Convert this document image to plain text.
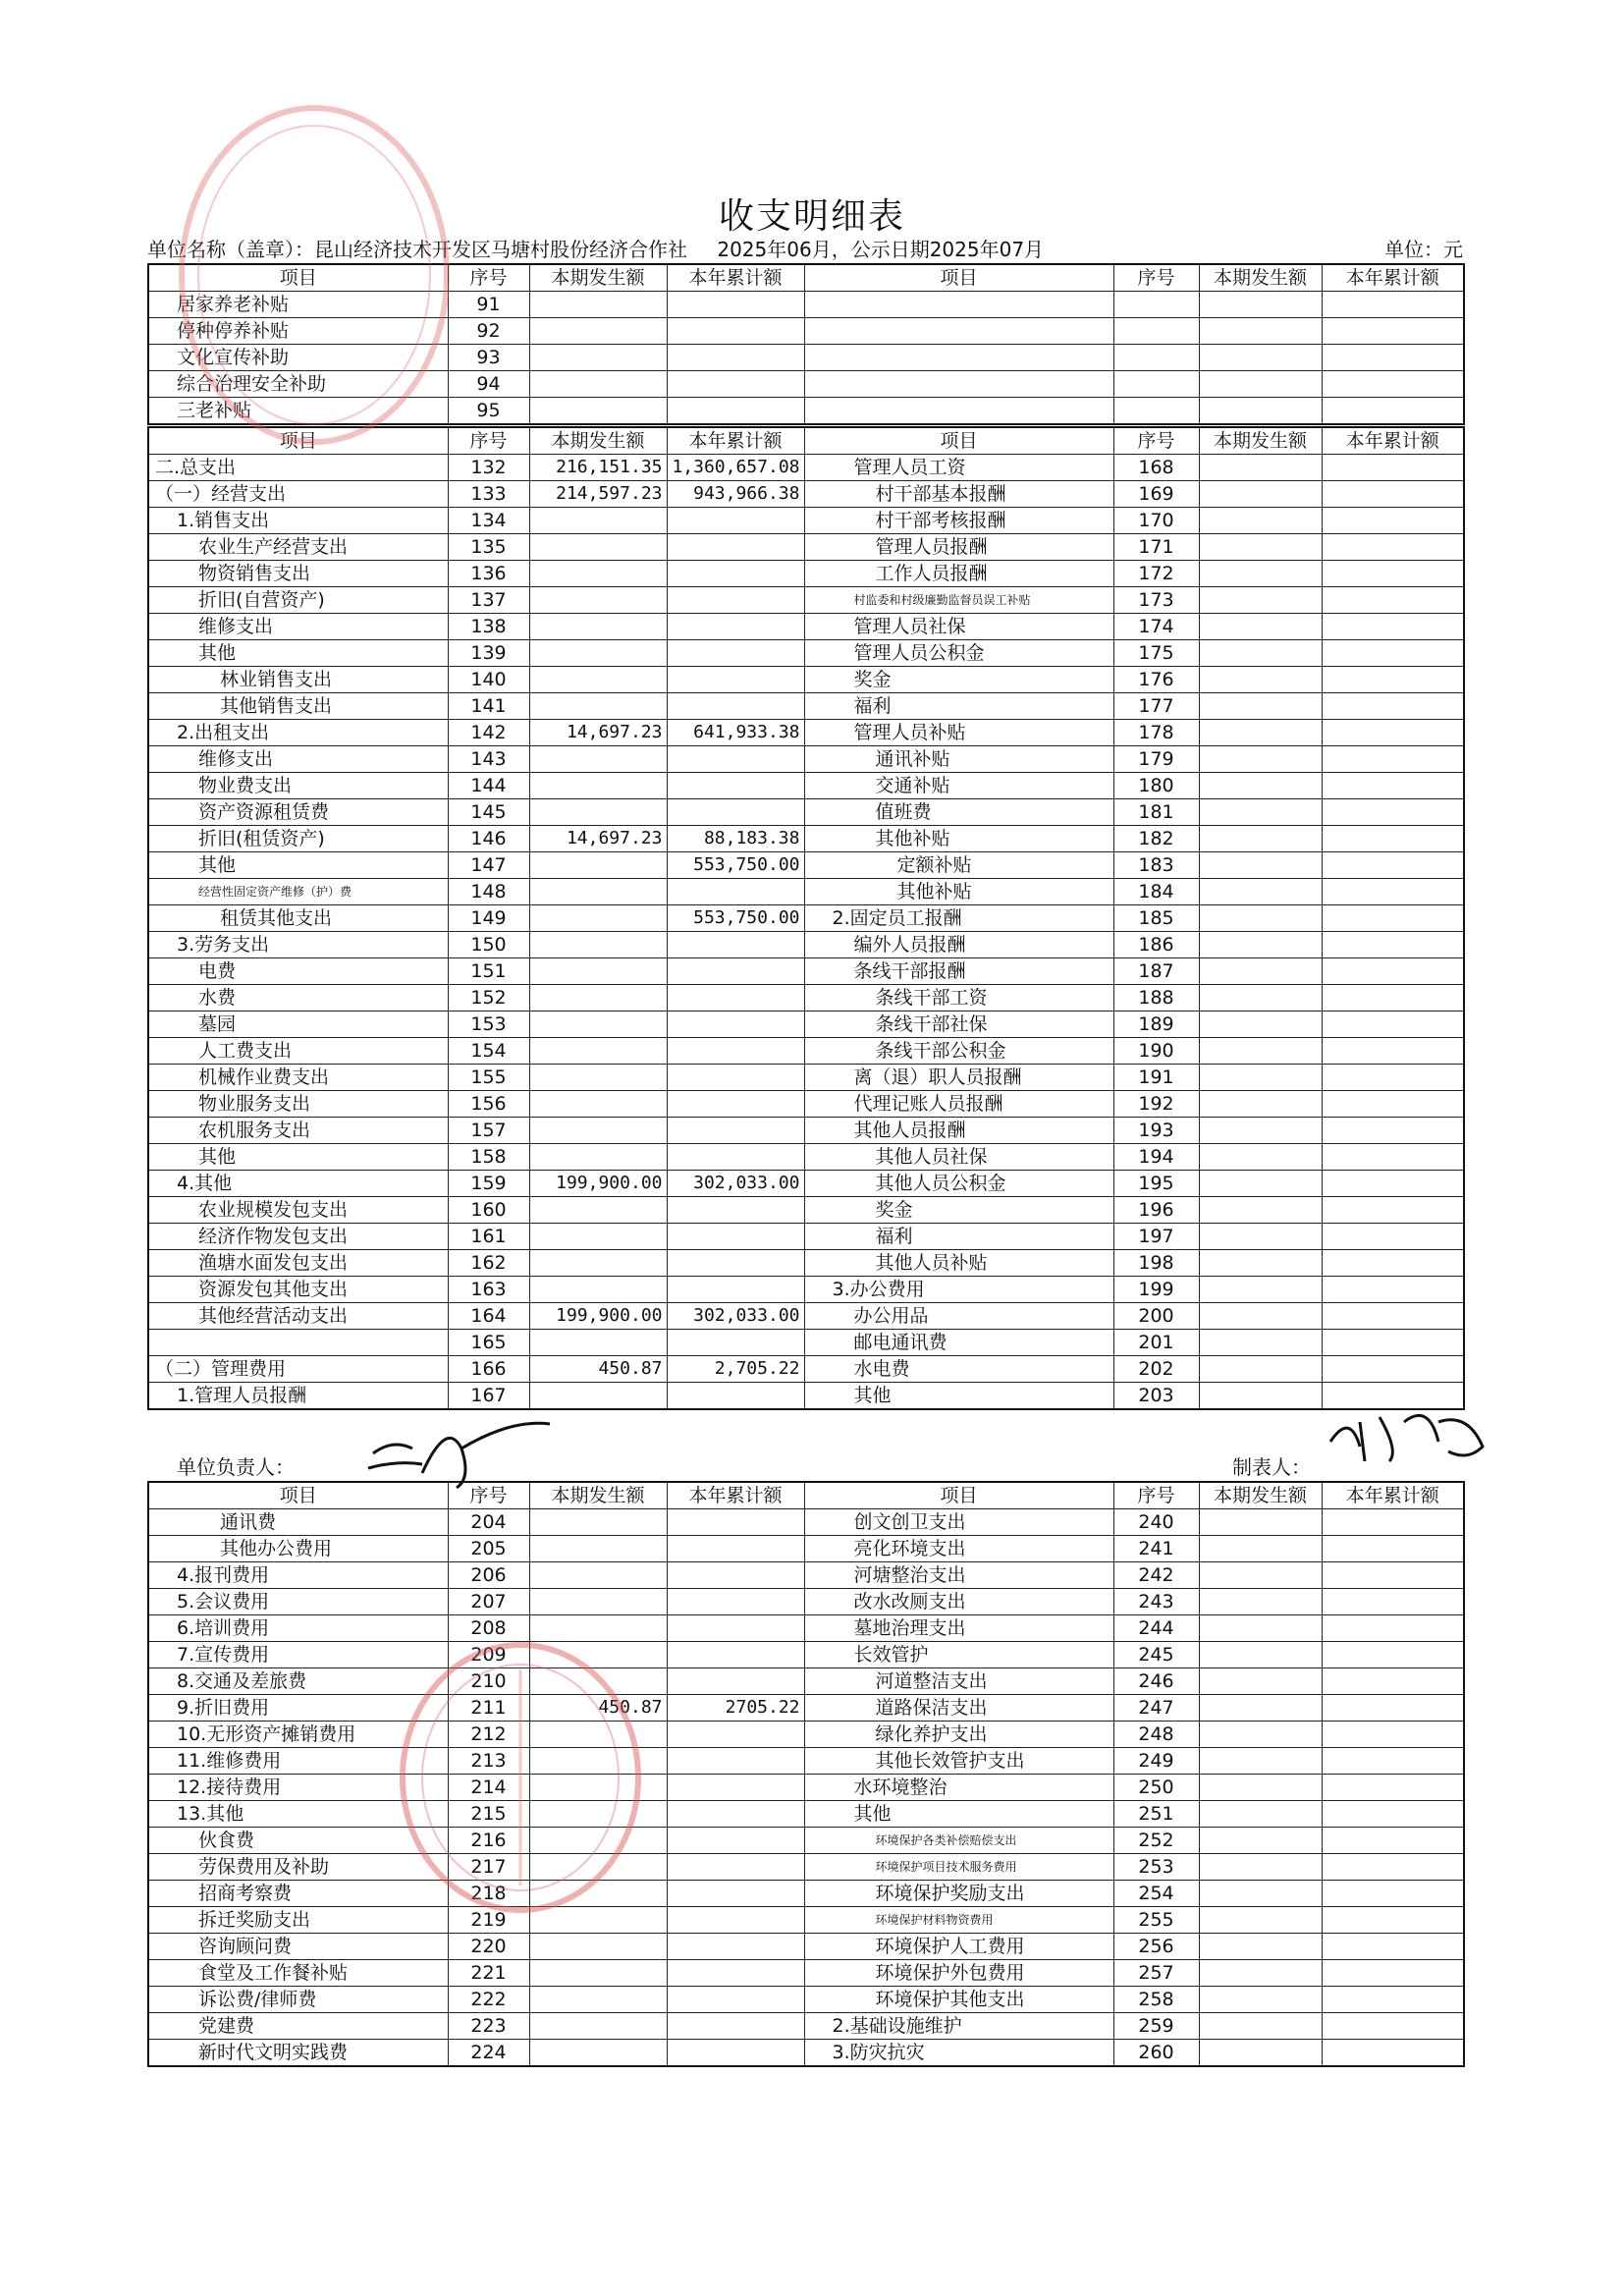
收支明细表
单位名称（盖章）：昆山经济技术开发区马塘村股份经济合作社 2025年06月，公示日期2025年07月	单位：元
项目	序号	本期发生额	本年累计额	项目	序号	本期发生额	本年累计额
居家养老补贴	91						
停种停养补贴	92						
文化宣传补助	93						
综合治理安全补助	94						
三老补贴	95						
项目	序号	本期发生额	本年累计额	项目	序号	本期发生额	本年累计额
二.总支出	132	216,151.35	1,360,657.08	管理人员工资	168		
（一）经营支出	133	214,597.23	943,966.38	村干部基本报酬	169		
1.销售支出	134			村干部考核报酬	170		
农业生产经营支出	135			管理人员报酬	171		
物资销售支出	136			工作人员报酬	172		
折旧(自营资产)	137			村监委和村级廉勤监督员误工补贴	173		
维修支出	138			管理人员社保	174		
其他	139			管理人员公积金	175		
林业销售支出	140			奖金	176		
其他销售支出	141			福利	177		
2.出租支出	142	14,697.23	641,933.38	管理人员补贴	178		
维修支出	143			通讯补贴	179		
物业费支出	144			交通补贴	180		
资产资源租赁费	145			值班费	181		
折旧(租赁资产)	146	14,697.23	88,183.38	其他补贴	182		
其他	147		553,750.00	定额补贴	183		
经营性固定资产维修（护）费	148			其他补贴	184		
租赁其他支出	149		553,750.00	2.固定员工报酬	185		
3.劳务支出	150			编外人员报酬	186		
电费	151			条线干部报酬	187		
水费	152			条线干部工资	188		
墓园	153			条线干部社保	189		
人工费支出	154			条线干部公积金	190		
机械作业费支出	155			离（退）职人员报酬	191		
物业服务支出	156			代理记账人员报酬	192		
农机服务支出	157			其他人员报酬	193		
其他	158			其他人员社保	194		
4.其他	159	199,900.00	302,033.00	其他人员公积金	195		
农业规模发包支出	160			奖金	196		
经济作物发包支出	161			福利	197		
渔塘水面发包支出	162			其他人员补贴	198		
资源发包其他支出	163			3.办公费用	199		
其他经营活动支出	164	199,900.00	302,033.00	办公用品	200		
	165			邮电通讯费	201		
（二）管理费用	166	450.87	2,705.22	水电费	202		
1.管理人员报酬	167			其他	203		
单位负责人：	制表人：
项目	序号	本期发生额	本年累计额	项目	序号	本期发生额	本年累计额
通讯费	204			创文创卫支出	240		
其他办公费用	205			亮化环境支出	241		
4.报刊费用	206			河塘整治支出	242		
5.会议费用	207			改水改厕支出	243		
6.培训费用	208			墓地治理支出	244		
7.宣传费用	209			长效管护	245		
8.交通及差旅费	210			河道整洁支出	246		
9.折旧费用	211	450.87	2705.22	道路保洁支出	247		
10.无形资产摊销费用	212			绿化养护支出	248		
11.维修费用	213			其他长效管护支出	249		
12.接待费用	214			水环境整治	250		
13.其他	215			其他	251		
伙食费	216			环境保护各类补偿赔偿支出	252		
劳保费用及补助	217			环境保护项目技术服务费用	253		
招商考察费	218			环境保护奖励支出	254		
拆迁奖励支出	219			环境保护材料物资费用	255		
咨询顾问费	220			环境保护人工费用	256		
食堂及工作餐补贴	221			环境保护外包费用	257		
诉讼费/律师费	222			环境保护其他支出	258		
党建费	223			2.基础设施维护	259		
新时代文明实践费	224			3.防灾抗灾	260		
